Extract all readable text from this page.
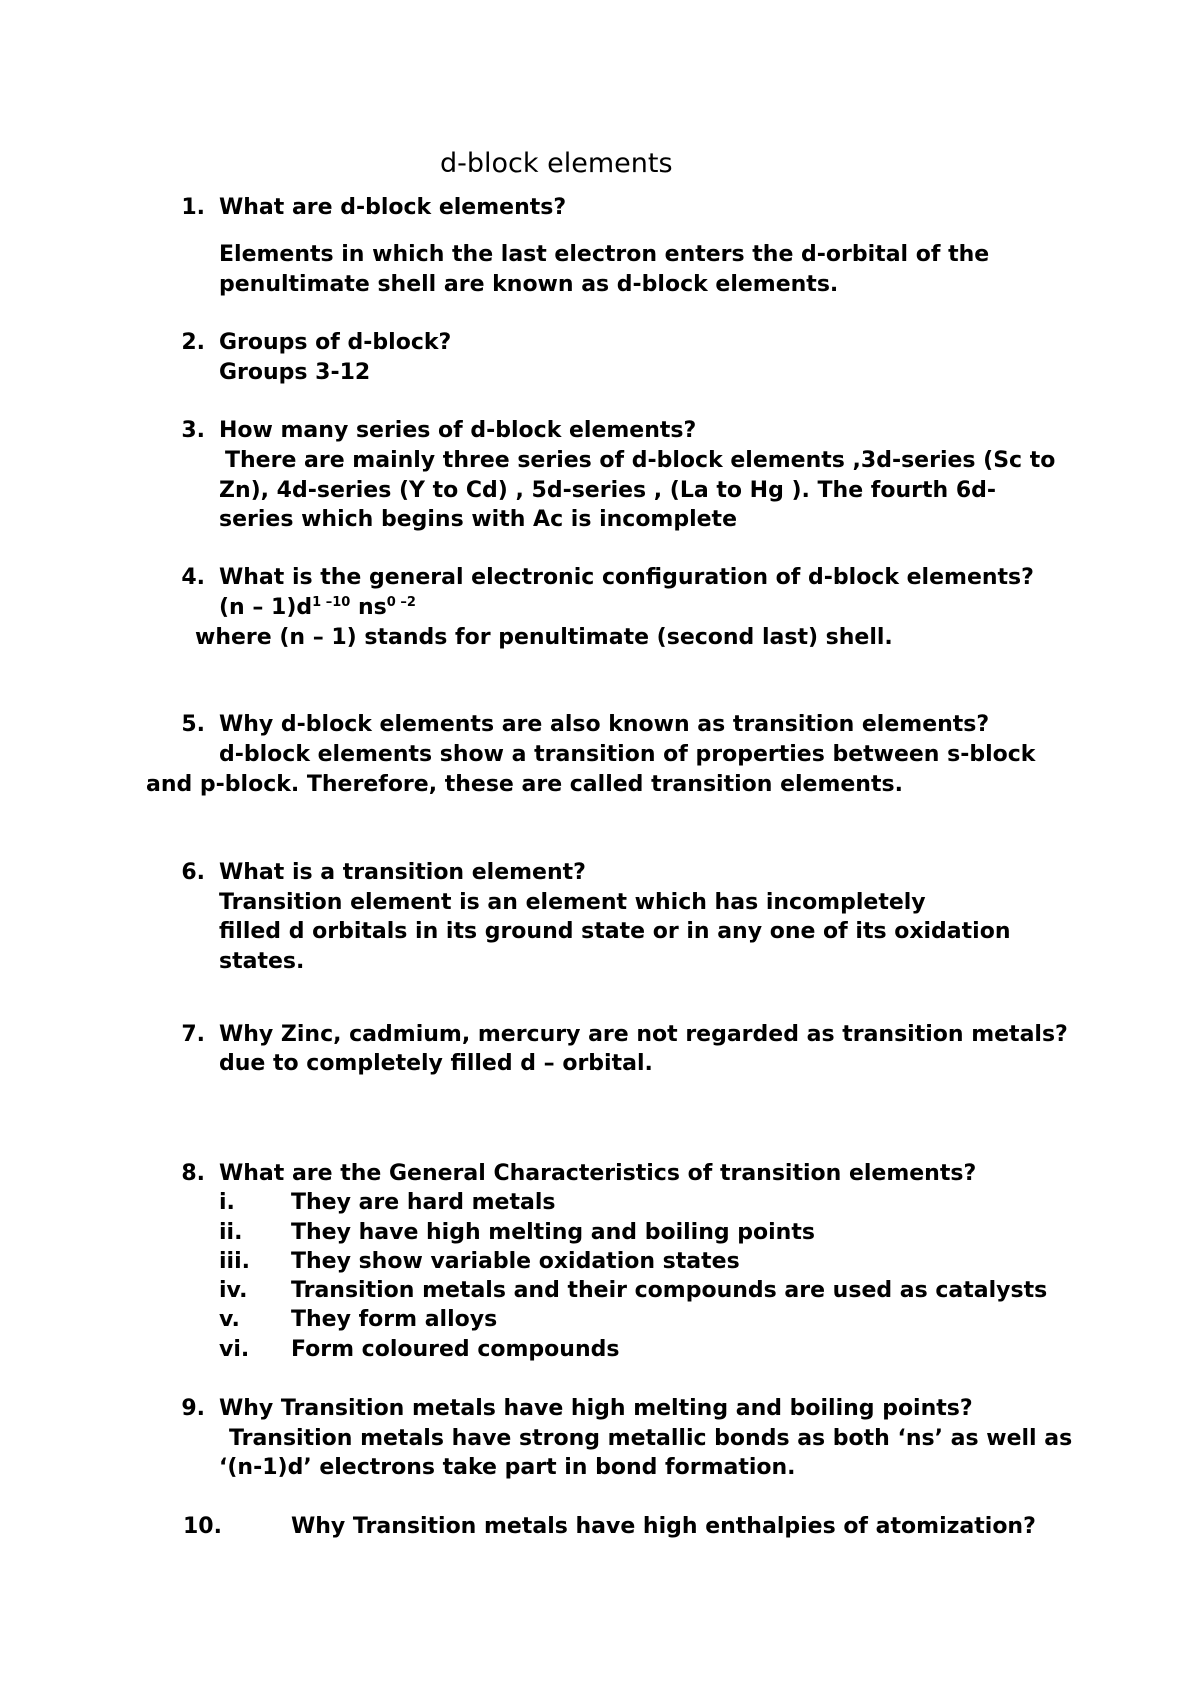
d-block elements
1. What are d-block elements?
Elements in which the last electron enters the d-orbital of the
penultimate shell are known as d-block elements.
2. Groups of d-block?
Groups 3-12
3. How many series of d-block elements?
There are mainly three series of d-block elements ,3d-series (Sc to
Zn), 4d-series (Y to Cd) , 5d-series , (La to Hg ). The fourth 6d-
series which begins with Ac is incomplete
4. What is the general electronic configuration of d-block elements?
$(n - 1)d^{1 -10}$ $ns^{0 -2}$
where (n – 1) stands for penultimate (second last) shell.
5. Why d-block elements are also known as transition elements?
d-block elements show a transition of properties between s-block
and p-block. Therefore, these are called transition elements.
6. What is a transition element?
Transition element is an element which has incompletely
filled d orbitals in its ground state or in any one of its oxidation
states.
7. Why Zinc, cadmium, mercury are not regarded as transition metals?
due to completely filled d – orbital.
8. What are the General Characteristics of transition elements?
i.	They are hard metals
ii. They have high melting and boiling points
iii. They show variable oxidation states
iv. Transition metals and their compounds are used as catalysts
v. They form alloys
vi. Form coloured compounds
9. Why Transition metals have high melting and boiling points?
Transition metals have strong metallic bonds as both ‘ns’ as well as
‘(n-1)d’ electrons take part in bond formation.
10.	Why Transition metals have high enthalpies of atomization?
